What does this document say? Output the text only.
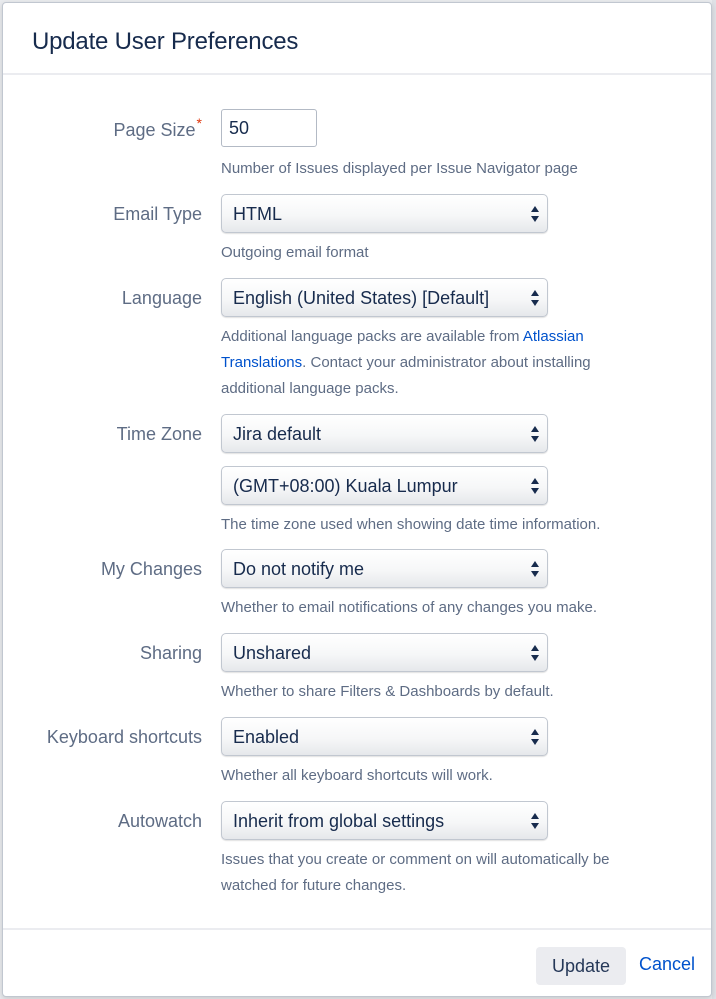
Update User Preferences
Page Size*
50
Number of Issues displayed per Issue Navigator page
Email Type HTML
Outgoing email format
Language English (United States) [Default]
Additional language packs are available from Atlassian
Translations. Contact your administrator about installing
additional language packs.
Time Zone Jira default
(GMT+08:00) Kuala Lumpur
The time zone used when showing date time information.
My Changes Do not notify me
Whether to email notifications of any changes you make.
Sharing Unshared
Whether to share Filters & Dashboards by default.
Keyboard shortcuts Enabled
Whether all keyboard shortcuts will work.
Autowatch Inherit from global settings
Issues that you create or comment on will automatically be
watched for future changes.
Update	Cancel
